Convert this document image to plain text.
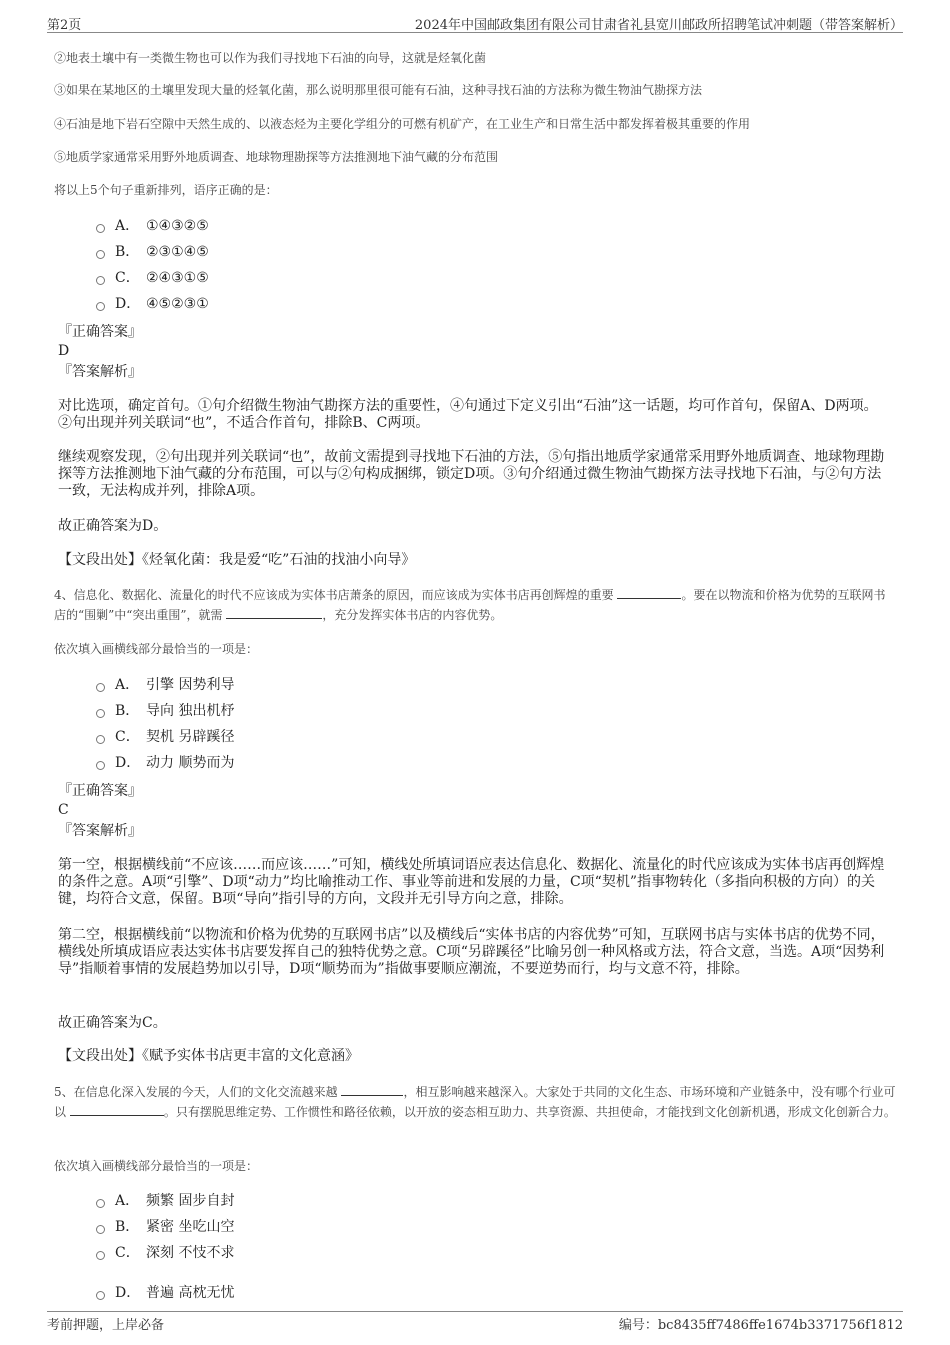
第2页	2024年中国邮政集团有限公司甘肃省礼县宽川邮政所招聘笔试冲刺题（带答案解析）

②地表土壤中有一类微生物也可以作为我们寻找地下石油的向导，这就是烃氧化菌

③如果在某地区的土壤里发现大量的烃氧化菌，那么说明那里很可能有石油，这种寻找石油的方法称为微生物油气勘探方法

④石油是地下岩石空隙中天然生成的、以液态烃为主要化学组分的可燃有机矿产，在工业生产和日常生活中都发挥着极其重要的作用

⑤地质学家通常采用野外地质调查、地球物理勘探等方法推测地下油气藏的分布范围

将以上5个句子重新排列，语序正确的是：

A． ①④③②⑤
B． ②③①④⑤
C． ②④③①⑤
D． ④⑤②③①
『正确答案』
D
『答案解析』

对比选项，确定首句。①句介绍微生物油气勘探方法的重要性，④句通过下定义引出“石油”这一话题，均可作首句，保留A、D两项。②句出现并列关联词“也”，不适合作首句，排除B、C两项。

继续观察发现，②句出现并列关联词“也”，故前文需提到寻找地下石油的方法，⑤句指出地质学家通常采用野外地质调查、地球物理勘探等方法推测地下油气藏的分布范围，可以与②句构成捆绑，锁定D项。③句介绍通过微生物油气勘探方法寻找地下石油，与②句方法一致，无法构成并列，排除A项。

故正确答案为D。

【文段出处】《烃氧化菌：我是爱“吃”石油的找油小向导》

4、信息化、数据化、流量化的时代不应该成为实体书店萧条的原因，而应该成为实体书店再创辉煌的重要	。要在以物流和价格为优势的互联网书店的“围剿”中“突出重围”，就需	，充分发挥实体书店的内容优势。

依次填入画横线部分最恰当的一项是：

A． 引擎 因势利导
B． 导向 独出机杼
C． 契机 另辟蹊径
D． 动力 顺势而为
『正确答案』
C
『答案解析』

第一空，根据横线前“不应该……而应该……”可知，横线处所填词语应表达信息化、数据化、流量化的时代应该成为实体书店再创辉煌的条件之意。A项“引擎”、D项“动力”均比喻推动工作、事业等前进和发展的力量，C项“契机”指事物转化（多指向积极的方向）的关键，均符合文意，保留。B项“导向”指引导的方向，文段并无引导方向之意，排除。

第二空，根据横线前“以物流和价格为优势的互联网书店”以及横线后“实体书店的内容优势”可知，互联网书店与实体书店的优势不同，横线处所填成语应表达实体书店要发挥自己的独特优势之意。C项“另辟蹊径”比喻另创一种风格或方法，符合文意，当选。A项“因势利导”指顺着事情的发展趋势加以引导，D项“顺势而为”指做事要顺应潮流，不要逆势而行，均与文意不符，排除。

故正确答案为C。

【文段出处】《赋予实体书店更丰富的文化意涵》

5、在信息化深入发展的今天，人们的文化交流越来越	，相互影响越来越深入。大家处于共同的文化生态、市场环境和产业链条中，没有哪个行业可以	。只有摆脱思维定势、工作惯性和路径依赖，以开放的姿态相互助力、共享资源、共担使命，才能找到文化创新机遇，形成文化创新合力。

依次填入画横线部分最恰当的一项是：

A． 频繁 固步自封
B． 紧密 坐吃山空
C． 深刻 不忮不求
D． 普遍 高枕无忧
考前押题，上岸必备	编号：bc8435ff7486ffe1674b3371756f1812
